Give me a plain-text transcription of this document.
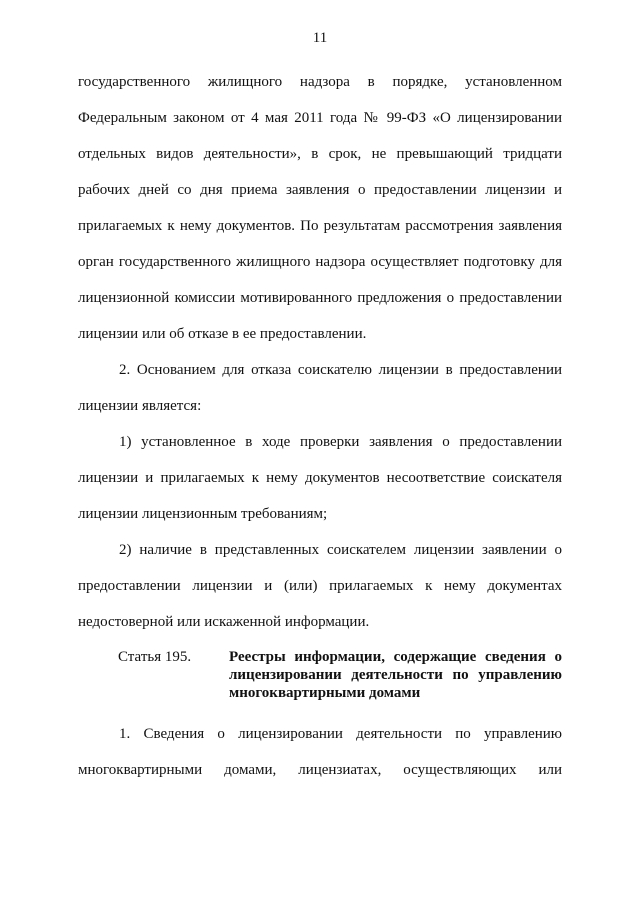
11

государственного жилищного надзора в порядке, установленном Федеральным законом от 4 мая 2011 года № 99-ФЗ «О лицензировании отдельных видов деятельности», в срок, не превышающий тридцати рабочих дней со дня приема заявления о предоставлении лицензии и прилагаемых к нему документов. По результатам рассмотрения заявления орган государственного жилищного надзора осуществляет подготовку для лицензионной комиссии мотивированного предложения о предоставлении лицензии или об отказе в ее предоставлении.

2. Основанием для отказа соискателю лицензии в предоставлении лицензии является:

1) установленное в ходе проверки заявления о предоставлении лицензии и прилагаемых к нему документов несоответствие соискателя лицензии лицензионным требованиям;

2) наличие в представленных соискателем лицензии заявлении о предоставлении лицензии и (или) прилагаемых к нему документах недостоверной или искаженной информации.

Статья 195.	Реестры информации, содержащие сведения о лицензировании деятельности по управлению многоквартирными домами

1. Сведения о лицензировании деятельности по управлению многоквартирными домами, лицензиатах, осуществляющих или
